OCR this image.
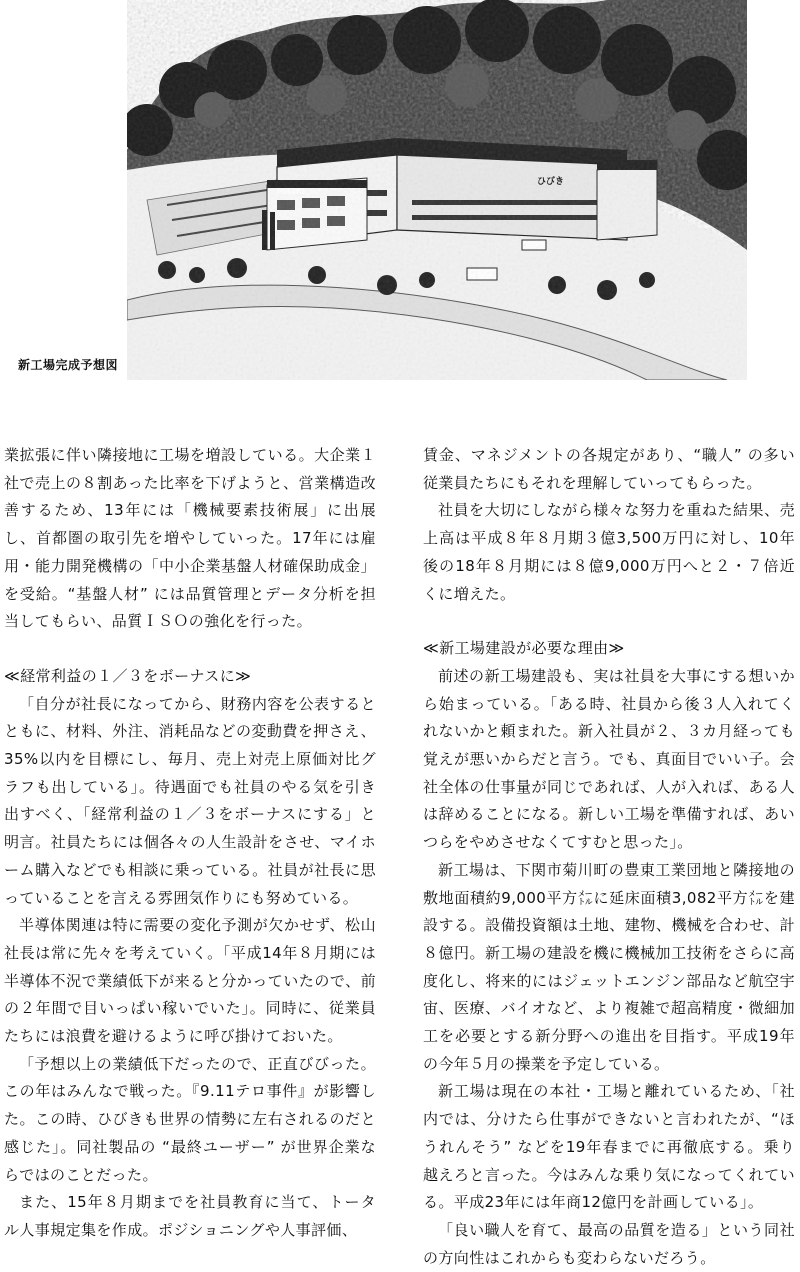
HIBIKI
ひびき
新工場完成予想図

業拡張に伴い隣接地に工場を増設している。大企業１社で売上の８割あった比率を下げようと、営業構造改善するため、13年には「機械要素技術展」に出展し、首都圏の取引先を増やしていった。17年には雇用・能力開発機構の「中小企業基盤人材確保助成金」を受給。“基盤人材” には品質管理とデータ分析を担当してもらい、品質ＩＳＯの強化を行った。

≪経常利益の１／３をボーナスに≫

「自分が社長になってから、財務内容を公表するとともに、材料、外注、消耗品などの変動費を押さえ、35%以内を目標にし、毎月、売上対売上原価対比グラフも出している」。待遇面でも社員のやる気を引き出すべく、「経常利益の１／３をボーナスにする」と明言。社員たちには個各々の人生設計をさせ、マイホーム購入などでも相談に乗っている。社員が社長に思っていることを言える雰囲気作りにも努めている。

半導体関連は特に需要の変化予測が欠かせず、松山社長は常に先々を考えていく。「平成14年８月期には半導体不況で業績低下が来ると分かっていたので、前の２年間で目いっぱい稼いでいた」。同時に、従業員たちには浪費を避けるように呼び掛けておいた。

「予想以上の業績低下だったので、正直びびった。この年はみんなで戦った。『9.11テロ事件』が影響した。この時、ひびきも世界の情勢に左右されるのだと感じた」。同社製品の “最終ユーザー” が世界企業ならではのことだった。

また、15年８月期までを社員教育に当て、トータル人事規定集を作成。ポジショニングや人事評価、

賃金、マネジメントの各規定があり、“職人” の多い従業員たちにもそれを理解していってもらった。

社員を大切にしながら様々な努力を重ねた結果、売上高は平成８年８月期３億3,500万円に対し、10年後の18年８月期には８億9,000万円へと２・７倍近くに増えた。

≪新工場建設が必要な理由≫

前述の新工場建設も、実は社員を大事にする想いから始まっている。「ある時、社員から後３人入れてくれないかと頼まれた。新入社員が２、３カ月経っても覚えが悪いからだと言う。でも、真面目でいい子。会社全体の仕事量が同じであれば、人が入れば、ある人は辞めることになる。新しい工場を準備すれば、あいつらをやめさせなくてすむと思った」。

新工場は、下関市菊川町の豊東工業団地と隣接地の敷地面積約9,000平方㍍に延床面積3,082平方㍍を建設する。設備投資額は土地、建物、機械を合わせ、計８億円。新工場の建設を機に機械加工技術をさらに高度化し、将来的にはジェットエンジン部品など航空宇宙、医療、バイオなど、より複雑で超高精度・微細加工を必要とする新分野への進出を目指す。平成19年の今年５月の操業を予定している。

新工場は現在の本社・工場と離れているため、「社内では、分けたら仕事ができないと言われたが、“ほうれんそう” などを19年春までに再徹底する。乗り越えろと言った。今はみんな乗り気になってくれている。平成23年には年商12億円を計画している」。

「良い職人を育て、最高の品質を造る」という同社の方向性はこれからも変わらないだろう。
